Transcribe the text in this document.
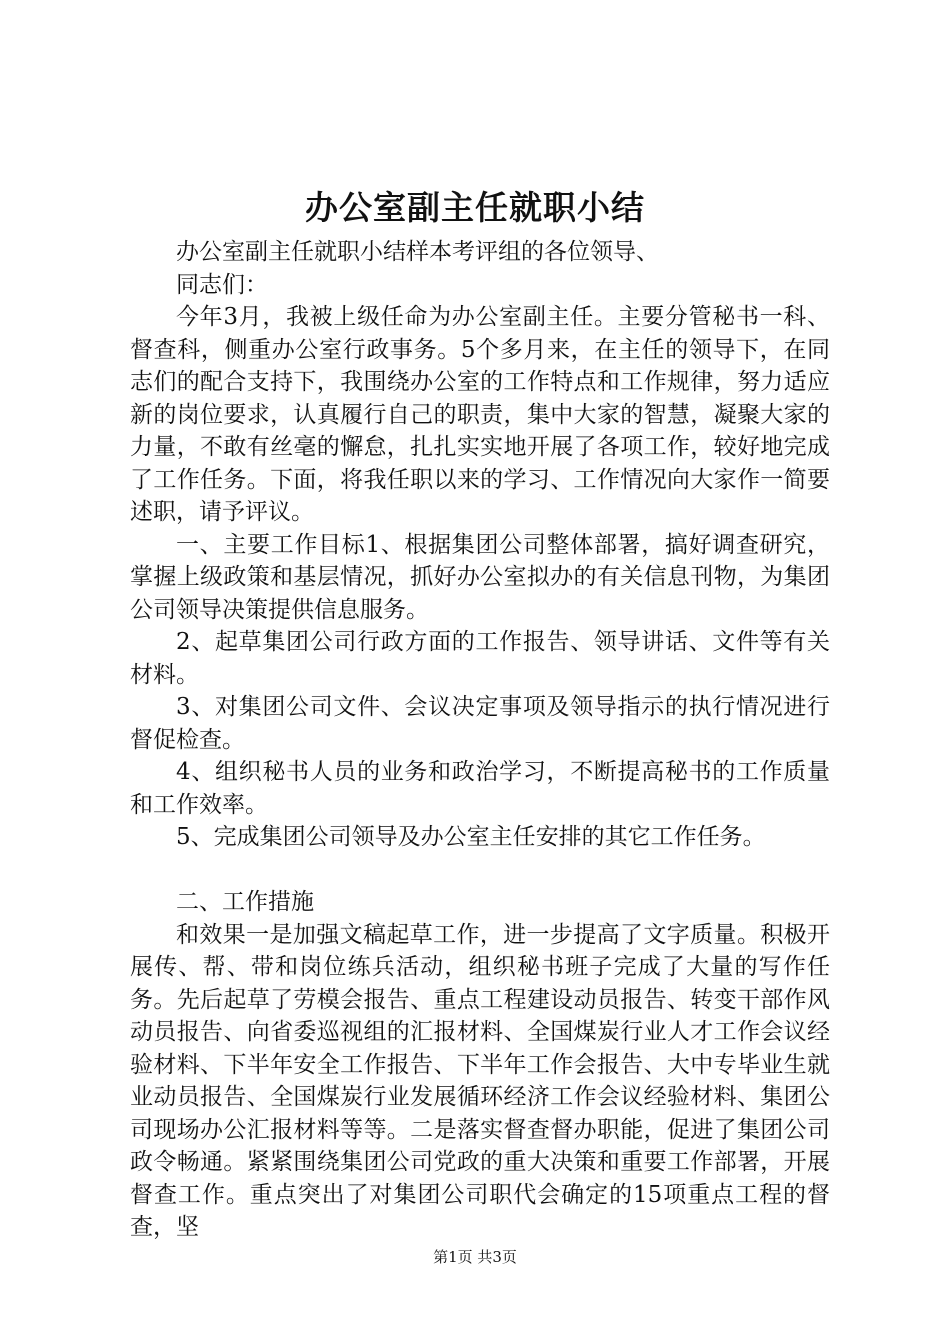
办公室副主任就职小结

办公室副主任就职小结样本考评组的各位领导、

同志们：

今年3月，我被上级任命为办公室副主任。主要分管秘书一科、督查科，侧重办公室行政事务。5个多月来，在主任的领导下，在同志们的配合支持下，我围绕办公室的工作特点和工作规律，努力适应新的岗位要求，认真履行自己的职责，集中大家的智慧，凝聚大家的力量，不敢有丝毫的懈怠，扎扎实实地开展了各项工作，较好地完成了工作任务。下面，将我任职以来的学习、工作情况向大家作一简要述职，请予评议。

一、主要工作目标1、根据集团公司整体部署，搞好调查研究，掌握上级政策和基层情况，抓好办公室拟办的有关信息刊物，为集团公司领导决策提供信息服务。

2、起草集团公司行政方面的工作报告、领导讲话、文件等有关材料。

3、对集团公司文件、会议决定事项及领导指示的执行情况进行督促检查。

4、组织秘书人员的业务和政治学习，不断提高秘书的工作质量和工作效率。

5、完成集团公司领导及办公室主任安排的其它工作任务。

二、工作措施

和效果一是加强文稿起草工作，进一步提高了文字质量。积极开展传、帮、带和岗位练兵活动，组织秘书班子完成了大量的写作任务。先后起草了劳模会报告、重点工程建设动员报告、转变干部作风动员报告、向省委巡视组的汇报材料、全国煤炭行业人才工作会议经验材料、下半年安全工作报告、下半年工作会报告、大中专毕业生就业动员报告、全国煤炭行业发展循环经济工作会议经验材料、集团公司现场办公汇报材料等等。二是落实督查督办职能，促进了集团公司政令畅通。紧紧围绕集团公司党政的重大决策和重要工作部署，开展督查工作。重点突出了对集团公司职代会确定的15项重点工程的督查，坚

第1页 共3页
